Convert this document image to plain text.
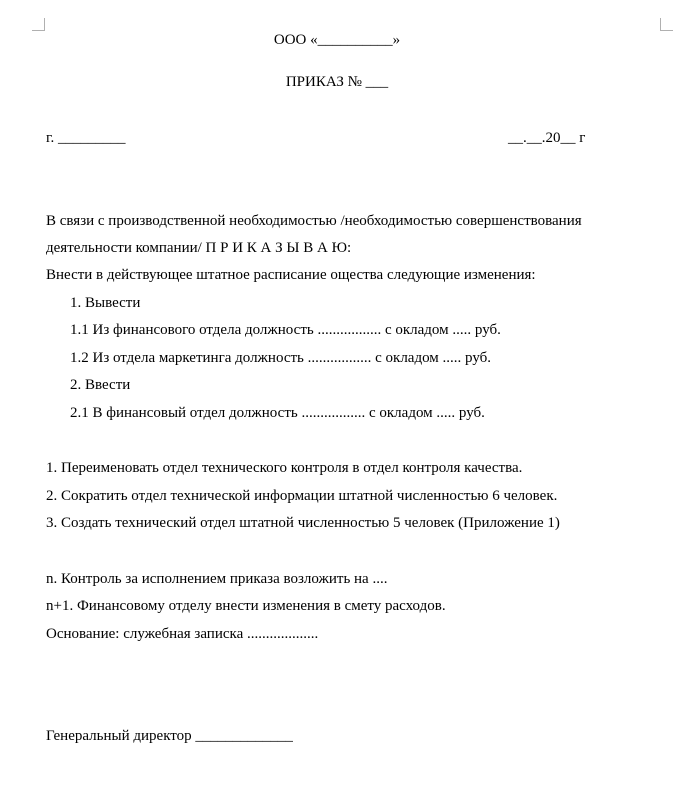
ООО «__________»
ПРИКАЗ № ___
г. _________	__.__.20__ г
В связи с производственной необходимостью /необходимостью совершенствования
деятельности компании/ П Р И К А З Ы В А Ю:
Внести в действующее штатное расписание ощества следующие изменения:
1. Вывести
1.1 Из финансового отдела должность ................. с окладом ..... руб.
1.2 Из отдела маркетинга должность ................. с окладом ..... руб.
2. Ввести
2.1 В финансовый отдел должность ................. с окладом ..... руб.
1. Переименовать отдел технического контроля в отдел контроля качества.
2. Сократить отдел технической информации штатной численностью 6 человек.
3. Создать технический отдел штатной численностью 5 человек (Приложение 1)
n. Контроль за исполнением приказа возложить на ....
n+1. Финансовому отделу внести изменения в смету расходов.
Основание: служебная записка ...................
Генеральный директор _____________
